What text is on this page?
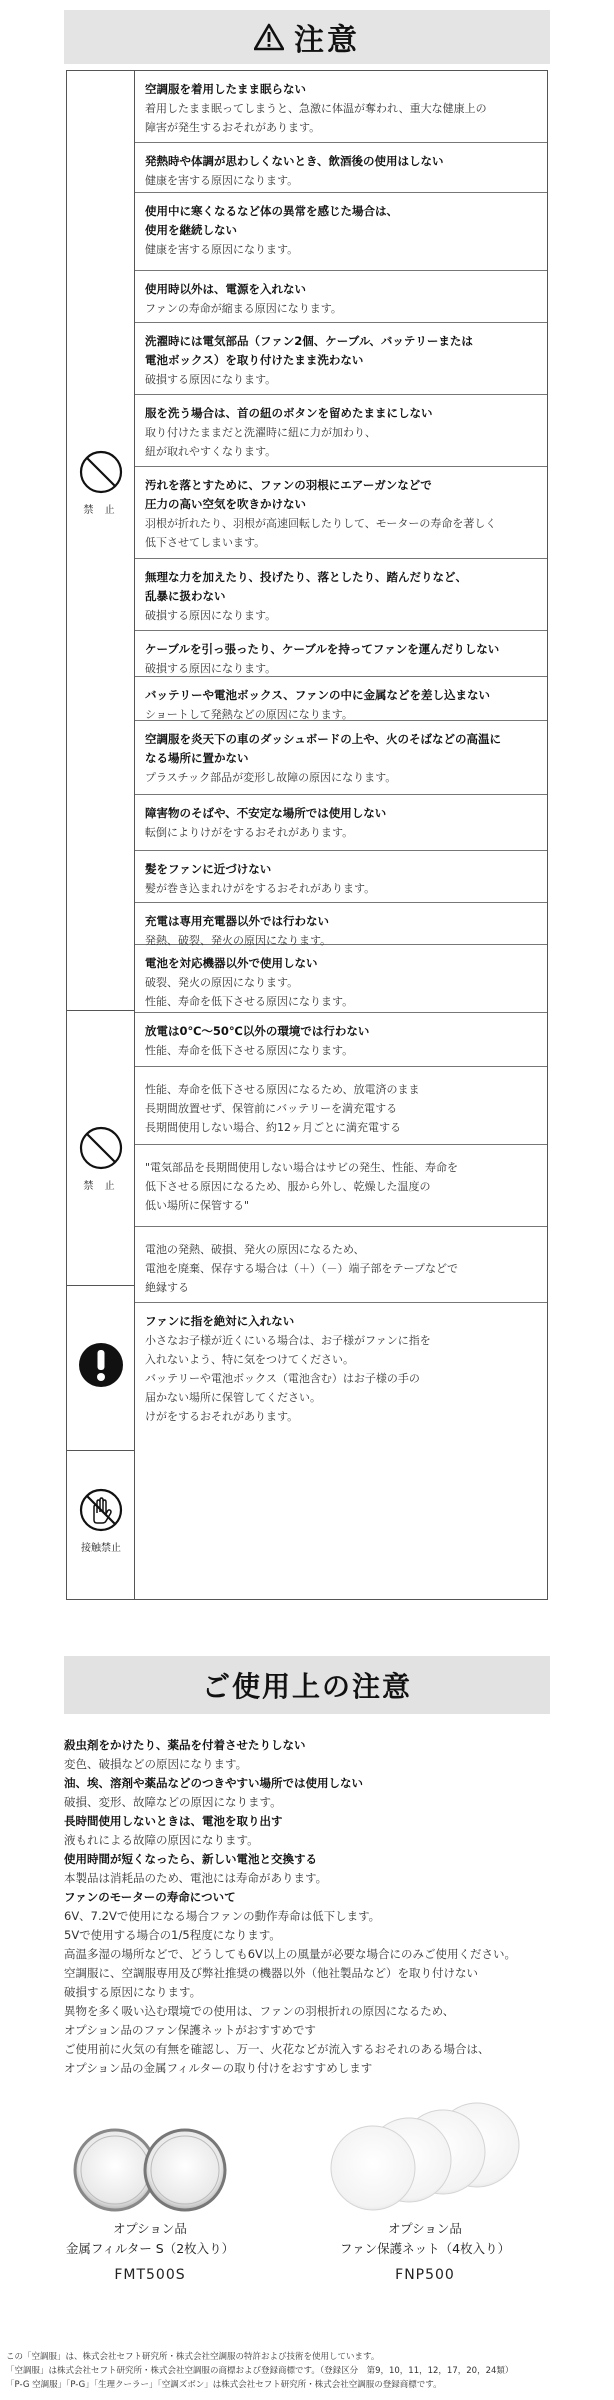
注意
禁 止
禁 止
接触禁止
空調服を着用したまま眠らない
着用したまま眠ってしまうと、急激に体温が奪われ、重大な健康上の
障害が発生するおそれがあります。
発熱時や体調が思わしくないとき、飲酒後の使用はしない
健康を害する原因になります。
使用中に寒くなるなど体の異常を感じた場合は、
使用を継続しない
健康を害する原因になります。
使用時以外は、電源を入れない
ファンの寿命が縮まる原因になります。
洗濯時には電気部品（ファン2個、ケーブル、バッテリーまたは
電池ボックス）を取り付けたまま洗わない
破損する原因になります。
服を洗う場合は、首の紐のボタンを留めたままにしない
取り付けたままだと洗濯時に紐に力が加わり、
紐が取れやすくなります。
汚れを落とすために、ファンの羽根にエアーガンなどで
圧力の高い空気を吹きかけない
羽根が折れたり、羽根が高速回転したりして、モーターの寿命を著しく
低下させてしまいます。
無理な力を加えたり、投げたり、落としたり、踏んだりなど、
乱暴に扱わない
破損する原因になります。
ケーブルを引っ張ったり、ケーブルを持ってファンを運んだりしない
破損する原因になります。
バッテリーや電池ボックス、ファンの中に金属などを差し込まない
ショートして発熱などの原因になります。
空調服を炎天下の車のダッシュボードの上や、火のそばなどの高温に
なる場所に置かない
プラスチック部品が変形し故障の原因になります。
障害物のそばや、不安定な場所では使用しない
転倒によりけがをするおそれがあります。
髪をファンに近づけない
髪が巻き込まれけがをするおそれがあります。
充電は専用充電器以外では行わない
発熱、破裂、発火の原因になります。
電池を対応機器以外で使用しない
破裂、発火の原因になります。
性能、寿命を低下させる原因になります。
放電は0℃〜50℃以外の環境では行わない
性能、寿命を低下させる原因になります。
性能、寿命を低下させる原因になるため、放電済のまま
長期間放置せず、保管前にバッテリーを満充電する
長期間使用しない場合、約12ヶ月ごとに満充電する
"電気部品を長期間使用しない場合はサビの発生、性能、寿命を
低下させる原因になるため、服から外し、乾燥した温度の
低い場所に保管する"
電池の発熱、破損、発火の原因になるため、
電池を廃棄、保存する場合は（＋）（－）端子部をテープなどで
絶縁する
ファンに指を絶対に入れない
小さなお子様が近くにいる場合は、お子様がファンに指を
入れないよう、特に気をつけてください。
バッテリーや電池ボックス（電池含む）はお子様の手の
届かない場所に保管してください。
けがをするおそれがあります。
ご使用上の注意
殺虫剤をかけたり、薬品を付着させたりしない
変色、破損などの原因になります。
油、埃、溶剤や薬品などのつきやすい場所では使用しない
破損、変形、故障などの原因になります。
長時間使用しないときは、電池を取り出す
液もれによる故障の原因になります。
使用時間が短くなったら、新しい電池と交換する
本製品は消耗品のため、電池には寿命があります。
ファンのモーターの寿命について
6V、7.2Vで使用になる場合ファンの動作寿命は低下します。
5Vで使用する場合の1/5程度になります。
高温多湿の場所などで、どうしても6V以上の風量が必要な場合にのみご使用ください。
空調服に、空調服専用及び弊社推奨の機器以外（他社製品など）を取り付けない
破損する原因になります。
異物を多く吸い込む環境での使用は、ファンの羽根折れの原因になるため、
オプション品のファン保護ネットがおすすめです
ご使用前に火気の有無を確認し、万一、火花などが流入するおそれのある場合は、
オプション品の金属フィルターの取り付けをおすすめします
オプション品
金属フィルター S（2枚入り）
FMT500S
オプション品
ファン保護ネット（4枚入り）
FNP500
この「空調服」は、株式会社セフト研究所・株式会社空調服の特許および技術を使用しています。
「空調服」は株式会社セフト研究所・株式会社空調服の商標および登録商標です。（登録区分　第9，10，11，12，17，20，24類）
「P-G 空調服」「P-G」「生理クーラー」「空調ズボン」は株式会社セフト研究所・株式会社空調服の登録商標です。
